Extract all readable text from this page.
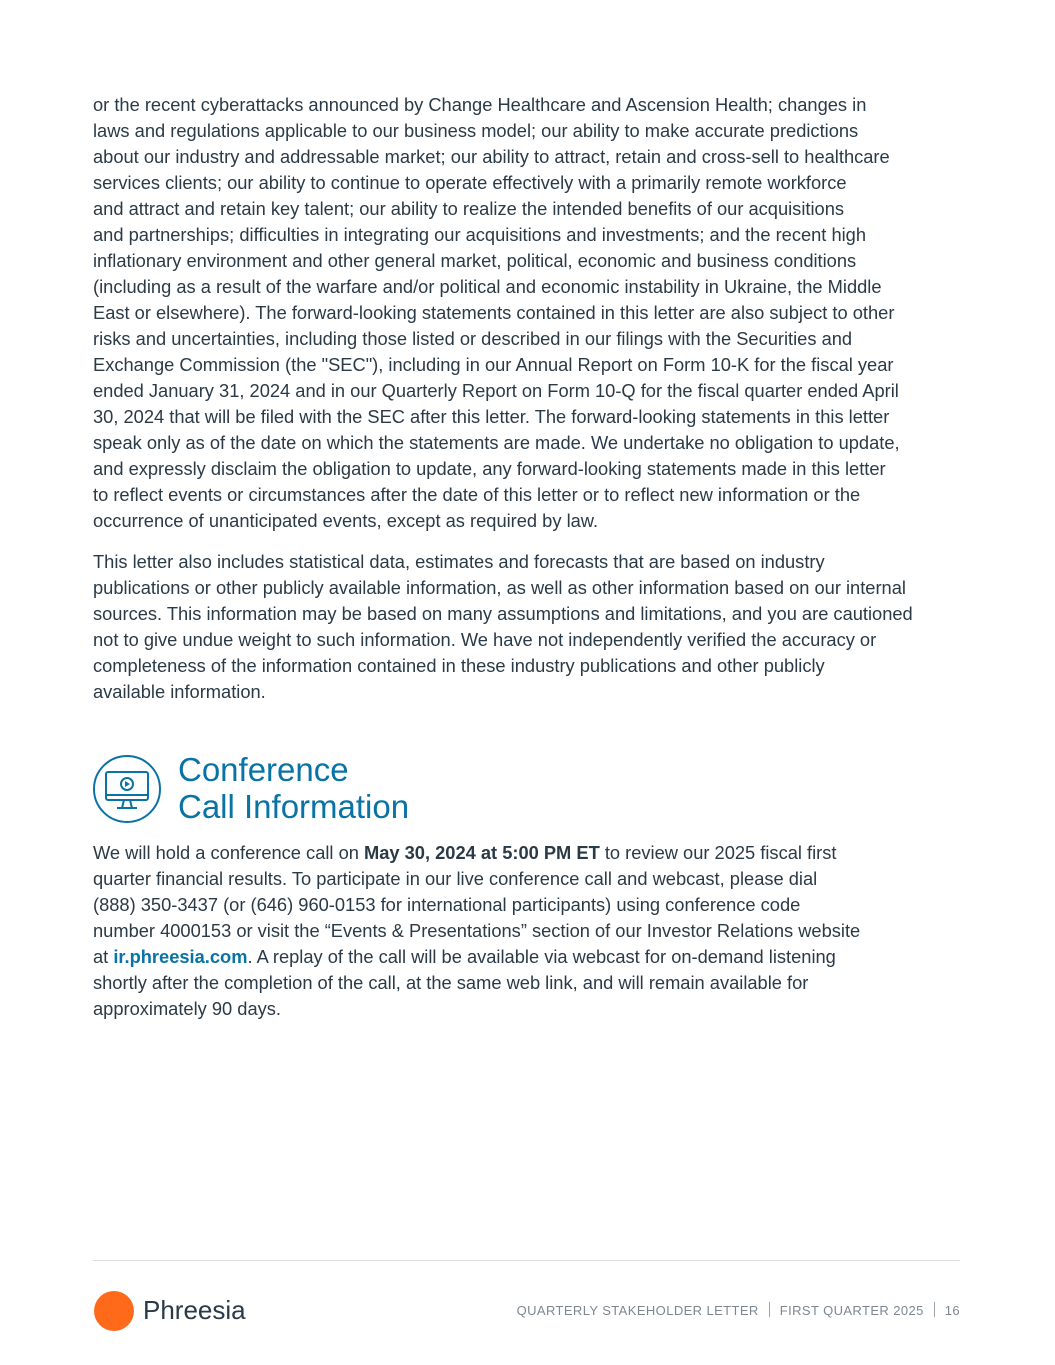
or the recent cyberattacks announced by Change Healthcare and Ascension Health; changes in
laws and regulations applicable to our business model; our ability to make accurate predictions
about our industry and addressable market; our ability to attract, retain and cross-sell to healthcare
services clients; our ability to continue to operate effectively with a primarily remote workforce
and attract and retain key talent; our ability to realize the intended benefits of our acquisitions
and partnerships; difficulties in integrating our acquisitions and investments; and the recent high
inflationary environment and other general market, political, economic and business conditions
(including as a result of the warfare and/or political and economic instability in Ukraine, the Middle
East or elsewhere). The forward-looking statements contained in this letter are also subject to other
risks and uncertainties, including those listed or described in our filings with the Securities and
Exchange Commission (the "SEC"), including in our Annual Report on Form 10-K for the fiscal year
ended January 31, 2024 and in our Quarterly Report on Form 10-Q for the fiscal quarter ended April
30, 2024 that will be filed with the SEC after this letter. The forward-looking statements in this letter
speak only as of the date on which the statements are made. We undertake no obligation to update,
and expressly disclaim the obligation to update, any forward-looking statements made in this letter
to reflect events or circumstances after the date of this letter or to reflect new information or the
occurrence of unanticipated events, except as required by law.
This letter also includes statistical data, estimates and forecasts that are based on industry
publications or other publicly available information, as well as other information based on our internal
sources. This information may be based on many assumptions and limitations, and you are cautioned
not to give undue weight to such information. We have not independently verified the accuracy or
completeness of the information contained in these industry publications and other publicly
available information.
Conference
Call Information
We will hold a conference call on May 30, 2024 at 5:00 PM ET to review our 2025 fiscal first
quarter financial results. To participate in our live conference call and webcast, please dial
(888) 350-3437 (or (646) 960-0153 for international participants) using conference code
number 4000153 or visit the “Events & Presentations” section of our Investor Relations website
at ir.phreesia.com. A replay of the call will be available via webcast for on-demand listening
shortly after the completion of the call, at the same web link, and will remain available for
approximately 90 days.
Phreesia	QUARTERLY STAKEHOLDER LETTER FIRST QUARTER 2025 16
